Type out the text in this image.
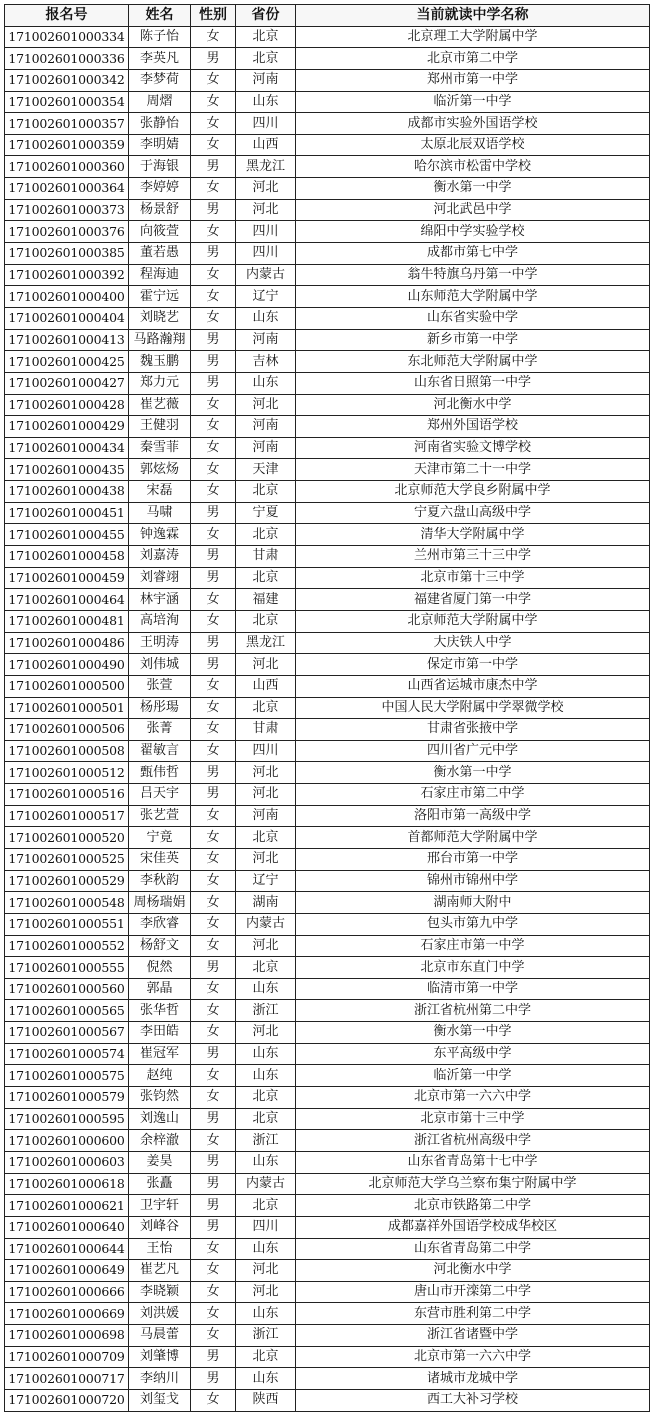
报名号	姓名	性别	省份	当前就读中学名称
171002601000334	陈子怡	女	北京	北京理工大学附属中学
171002601000336	李英凡	男	北京	北京市第二中学
171002601000342	李梦荷	女	河南	郑州市第一中学
171002601000354	周熠	女	山东	临沂第一中学
171002601000357	张静怡	女	四川	成都市实验外国语学校
171002601000359	李明婧	女	山西	太原北辰双语学校
171002601000360	于海银	男	黑龙江	哈尔滨市松雷中学校
171002601000364	李婷婷	女	河北	衡水第一中学
171002601000373	杨景舒	男	河北	河北武邑中学
171002601000376	向筱萱	女	四川	绵阳中学实验学校
171002601000385	董若愚	男	四川	成都市第七中学
171002601000392	程海迪	女	内蒙古	翁牛特旗乌丹第一中学
171002601000400	霍宁远	女	辽宁	山东师范大学附属中学
171002601000404	刘晓艺	女	山东	山东省实验中学
171002601000413	马路瀚翔	男	河南	新乡市第一中学
171002601000425	魏玉鹏	男	吉林	东北师范大学附属中学
171002601000427	郑力元	男	山东	山东省日照第一中学
171002601000428	崔艺薇	女	河北	河北衡水中学
171002601000429	王健羽	女	河南	郑州外国语学校
171002601000434	秦雪菲	女	河南	河南省实验文博学校
171002601000435	郭炫炀	女	天津	天津市第二十一中学
171002601000438	宋磊	女	北京	北京师范大学良乡附属中学
171002601000451	马啸	男	宁夏	宁夏六盘山高级中学
171002601000455	钟逸霖	女	北京	清华大学附属中学
171002601000458	刘嘉涛	男	甘肃	兰州市第三十三中学
171002601000459	刘睿翊	男	北京	北京市第十三中学
171002601000464	林宇涵	女	福建	福建省厦门第一中学
171002601000481	高培洵	女	北京	北京师范大学附属中学
171002601000486	王明涛	男	黑龙江	大庆铁人中学
171002601000490	刘伟城	男	河北	保定市第一中学
171002601000500	张萱	女	山西	山西省运城市康杰中学
171002601000501	杨彤瑒	女	北京	中国人民大学附属中学翠微学校
171002601000506	张菁	女	甘肃	甘肃省张掖中学
171002601000508	翟敏言	女	四川	四川省广元中学
171002601000512	甄伟哲	男	河北	衡水第一中学
171002601000516	吕天宇	男	河北	石家庄市第二中学
171002601000517	张艺萱	女	河南	洛阳市第一高级中学
171002601000520	宁竟	女	北京	首都师范大学附属中学
171002601000525	宋佳英	女	河北	邢台市第一中学
171002601000529	李秋韵	女	辽宁	锦州市锦州中学
171002601000548	周杨瑞娟	女	湖南	湖南师大附中
171002601000551	李欣睿	女	内蒙古	包头市第九中学
171002601000552	杨舒文	女	河北	石家庄市第一中学
171002601000555	倪然	男	北京	北京市东直门中学
171002601000560	郭晶	女	山东	临清市第一中学
171002601000565	张华哲	女	浙江	浙江省杭州第二中学
171002601000567	李田皓	女	河北	衡水第一中学
171002601000574	崔冠军	男	山东	东平高级中学
171002601000575	赵纯	女	山东	临沂第一中学
171002601000579	张钧然	女	北京	北京市第一六六中学
171002601000595	刘逸山	男	北京	北京市第十三中学
171002601000600	余梓澈	女	浙江	浙江省杭州高级中学
171002601000603	姜昊	男	山东	山东省青岛第十七中学
171002601000618	张矗	男	内蒙古	北京师范大学乌兰察布集宁附属中学
171002601000621	卫宇轩	男	北京	北京市铁路第二中学
171002601000640	刘峰谷	男	四川	成都嘉祥外国语学校成华校区
171002601000644	王怡	女	山东	山东省青岛第二中学
171002601000649	崔艺凡	女	河北	河北衡水中学
171002601000666	李晓颖	女	河北	唐山市开滦第二中学
171002601000669	刘洪媛	女	山东	东营市胜利第二中学
171002601000698	马晨蕾	女	浙江	浙江省诸暨中学
171002601000709	刘肇博	男	北京	北京市第一六六中学
171002601000717	李纳川	男	山东	诸城市龙城中学
171002601000720	刘玺戈	女	陕西	西工大补习学校
